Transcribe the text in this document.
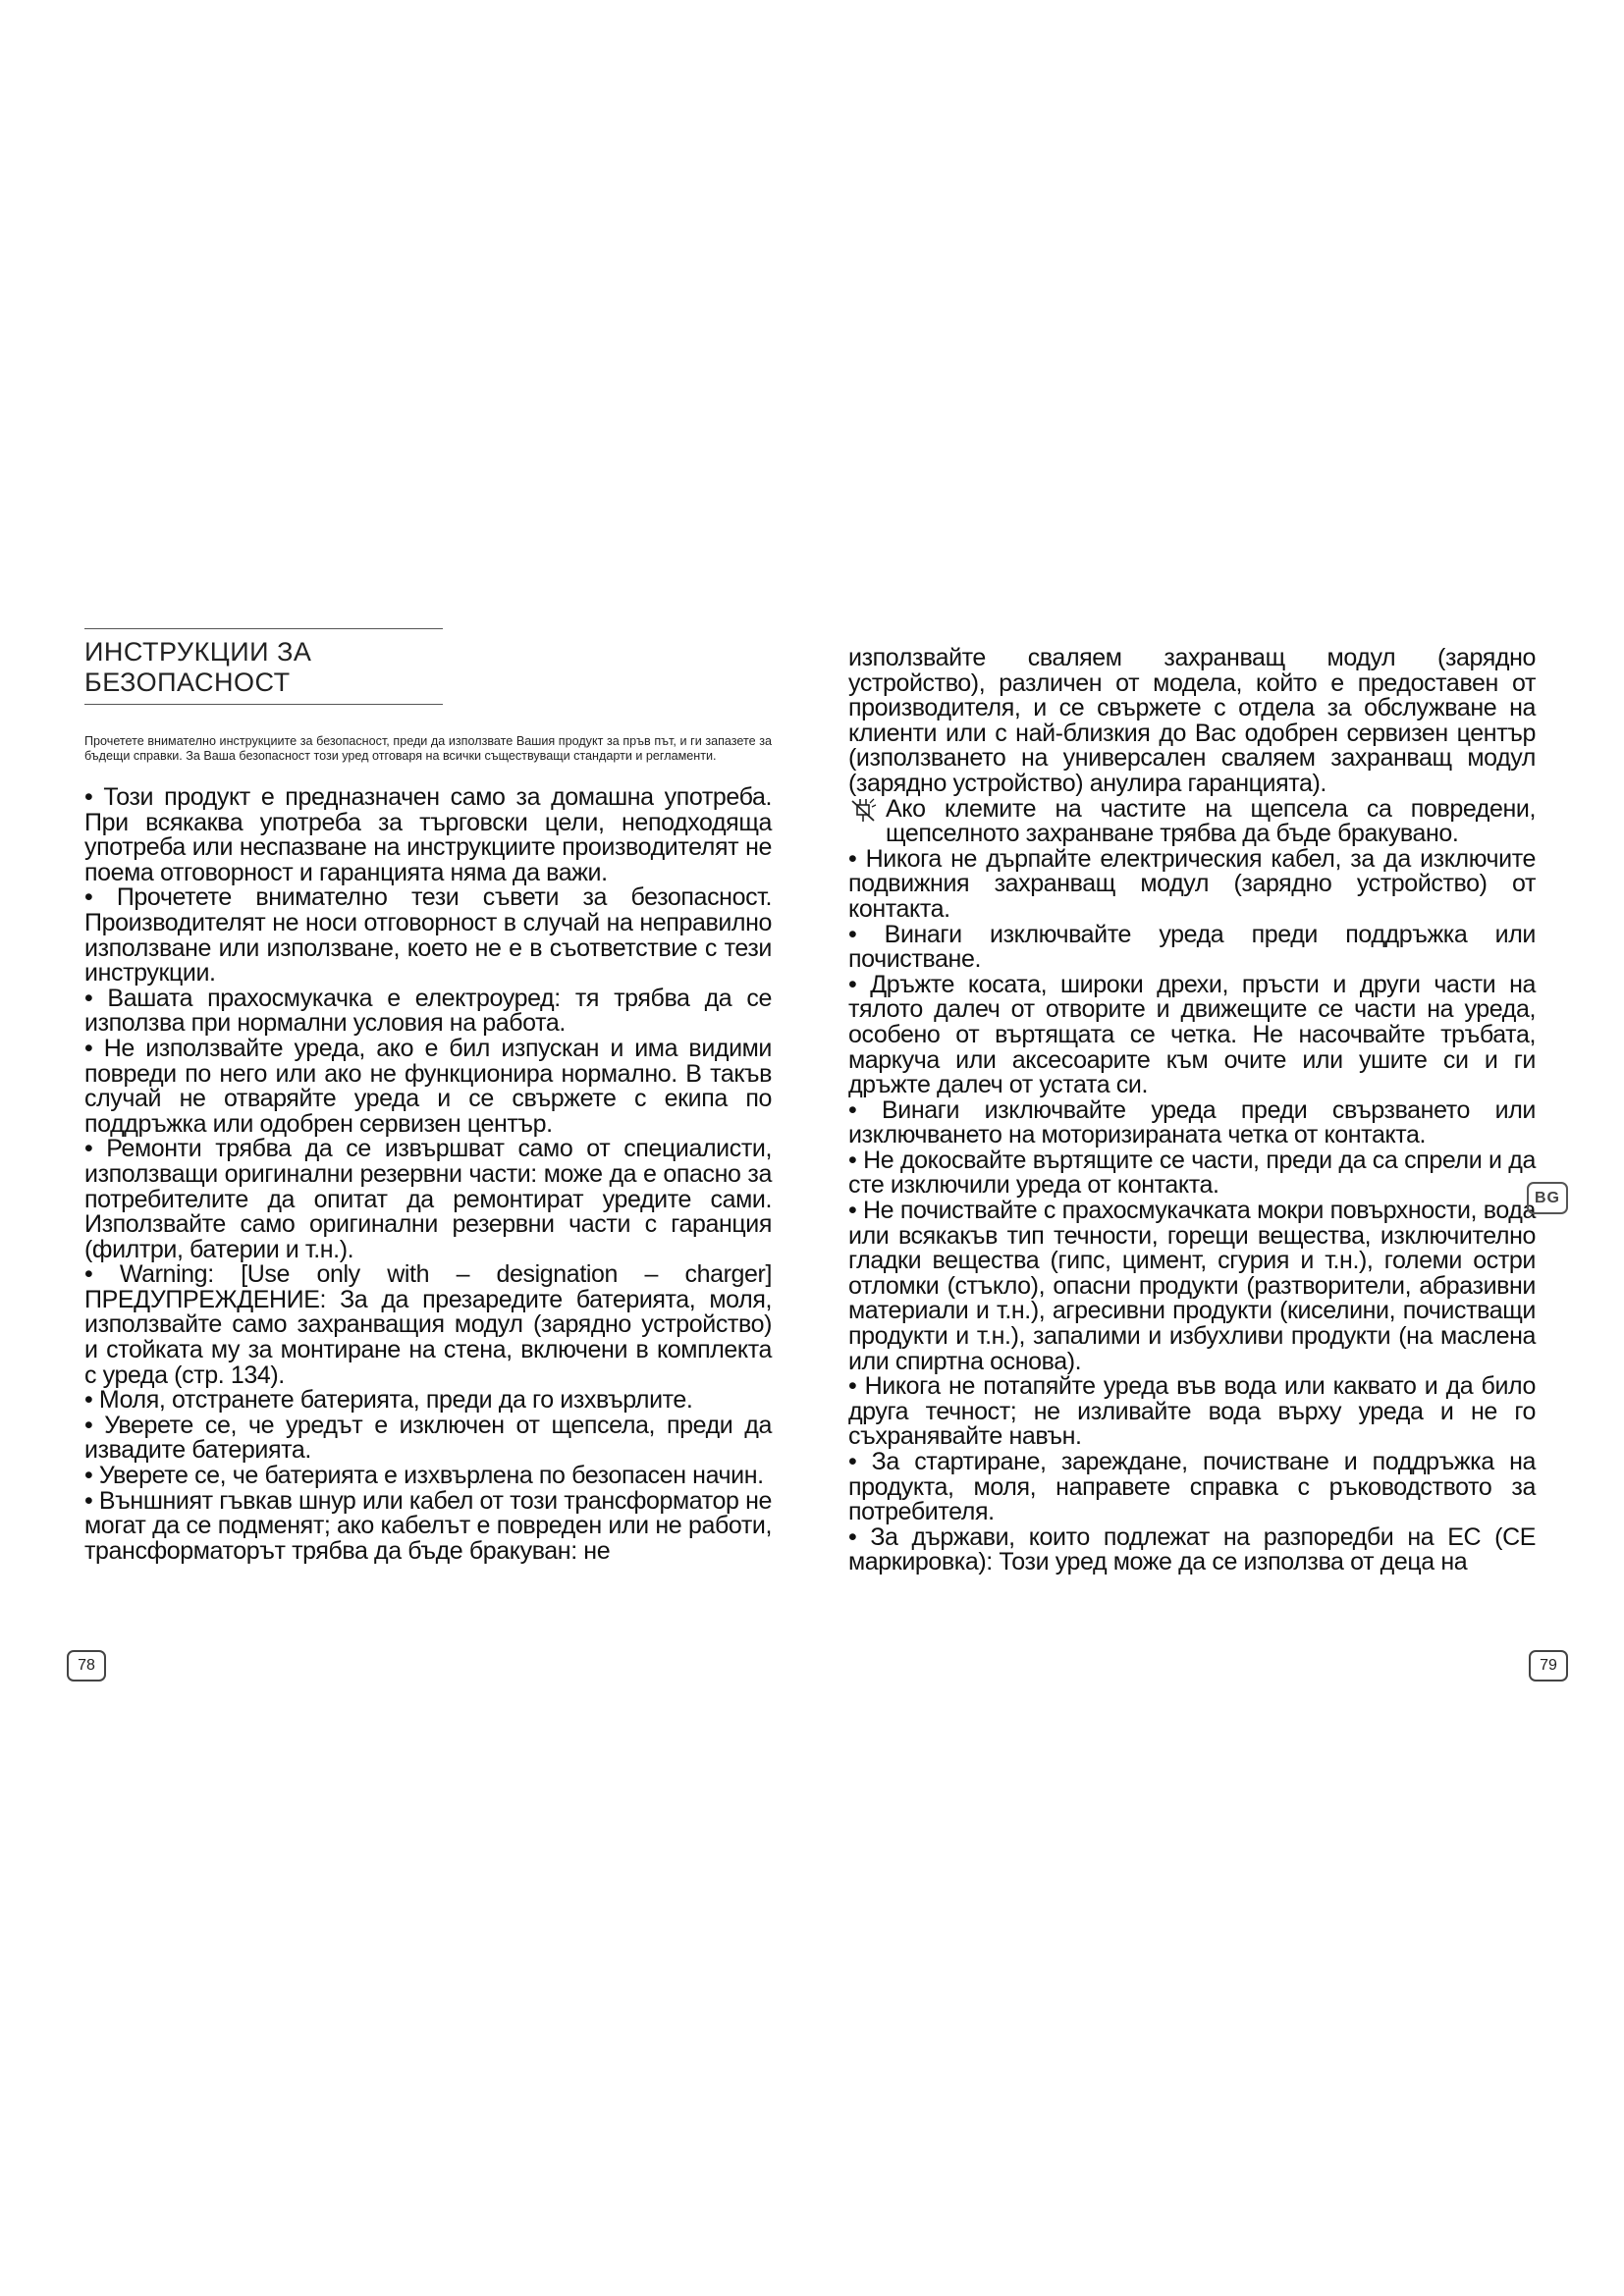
ИНСТРУКЦИИ ЗА БЕЗОПАСНОСТ

Прочетете внимателно инструкциите за безопасност, преди да използвате Вашия продукт за пръв път, и ги запазете за бъдещи справки. За Ваша безопасност този уред отговаря на всички съществуващи стандарти и регламенти.

• Този продукт е предназначен само за домашна употреба. При всякаква употреба за търговски цели, неподходяща употреба или неспазване на инструкциите производителят не поема отговорност и гаранцията няма да важи.

• Прочетете внимателно тези съвети за безопасност. Производителят не носи отговорност в случай на неправилно използване или използване, което не е в съответствие с тези инструкции.

• Вашата прахосмукачка е електроуред: тя трябва да се използва при нормални условия на работа.

• Не използвайте уреда, ако е бил изпускан и има видими повреди по него или ако не функционира нормално. В такъв случай не отваряйте уреда и се свържете с екипа по поддръжка или одобрен сервизен център.

• Ремонти трябва да се извършват само от специалисти, използващи оригинални резервни части: може да е опасно за потребителите да опитат да ремонтират уредите сами. Използвайте само оригинални резервни части с гаранция (филтри, батерии и т.н.).

• Warning: [Use only with – designation – charger] ПРЕДУПРЕЖДЕНИЕ: За да презаредите батерията, моля, използвайте само захранващия модул (зарядно устройство) и стойката му за монтиране на стена, включени в комплекта с уреда (стр. 134).

• Моля, отстранете батерията, преди да го изхвърлите.

• Уверете се, че уредът е изключен от щепсела, преди да извадите батерията.

• Уверете се, че батерията е изхвърлена по безопасен начин.

• Външният гъвкав шнур или кабел от този трансформатор не могат да се подменят; ако кабелът е повреден или не работи, трансформаторът трябва да бъде бракуван: не

използвайте сваляем захранващ модул (зарядно устройство), различен от модела, който е предоставен от производителя, и се свържете с отдела за обслужване на клиенти или с най-близкия до Вас одобрен сервизен център (използването на универсален сваляем захранващ модул (зарядно устройство) анулира гаранцията).

Ако клемите на частите на щепсела са повредени, щепселното захранване трябва да бъде бракувано.

• Никога не дърпайте електрическия кабел, за да изключите подвижния захранващ модул (зарядно устройство) от контакта.

• Винаги изключвайте уреда преди поддръжка или почистване.

• Дръжте косата, широки дрехи, пръсти и други части на тялото далеч от отворите и движещите се части на уреда, особено от въртящата се четка. Не насочвайте тръбата, маркуча или аксесоарите към очите или ушите си и ги дръжте далеч от устата си.

• Винаги изключвайте уреда преди свързването или изключването на моторизираната четка от контакта.

• Не докосвайте въртящите се части, преди да са спрели и да сте изключили уреда от контакта.

• Не почиствайте с прахосмукачката мокри повърхности, вода или всякакъв тип течности, горещи вещества, изключително гладки вещества (гипс, цимент, сгурия и т.н.), големи остри отломки (стъкло), опасни продукти (разтворители, абразивни материали и т.н.), агресивни продукти (киселини, почистващи продукти и т.н.), запалими и избухливи продукти (на маслена или спиртна основа).

• Никога не потапяйте уреда във вода или каквато и да било друга течност; не изливайте вода върху уреда и не го съхранявайте навън.

• За стартиране, зареждане, почистване и поддръжка на продукта, моля, направете справка с ръководството за потребителя.

• За държави, които подлежат на разпоредби на ЕС (CE маркировка): Този уред може да се използва от деца на

78
BG
79
